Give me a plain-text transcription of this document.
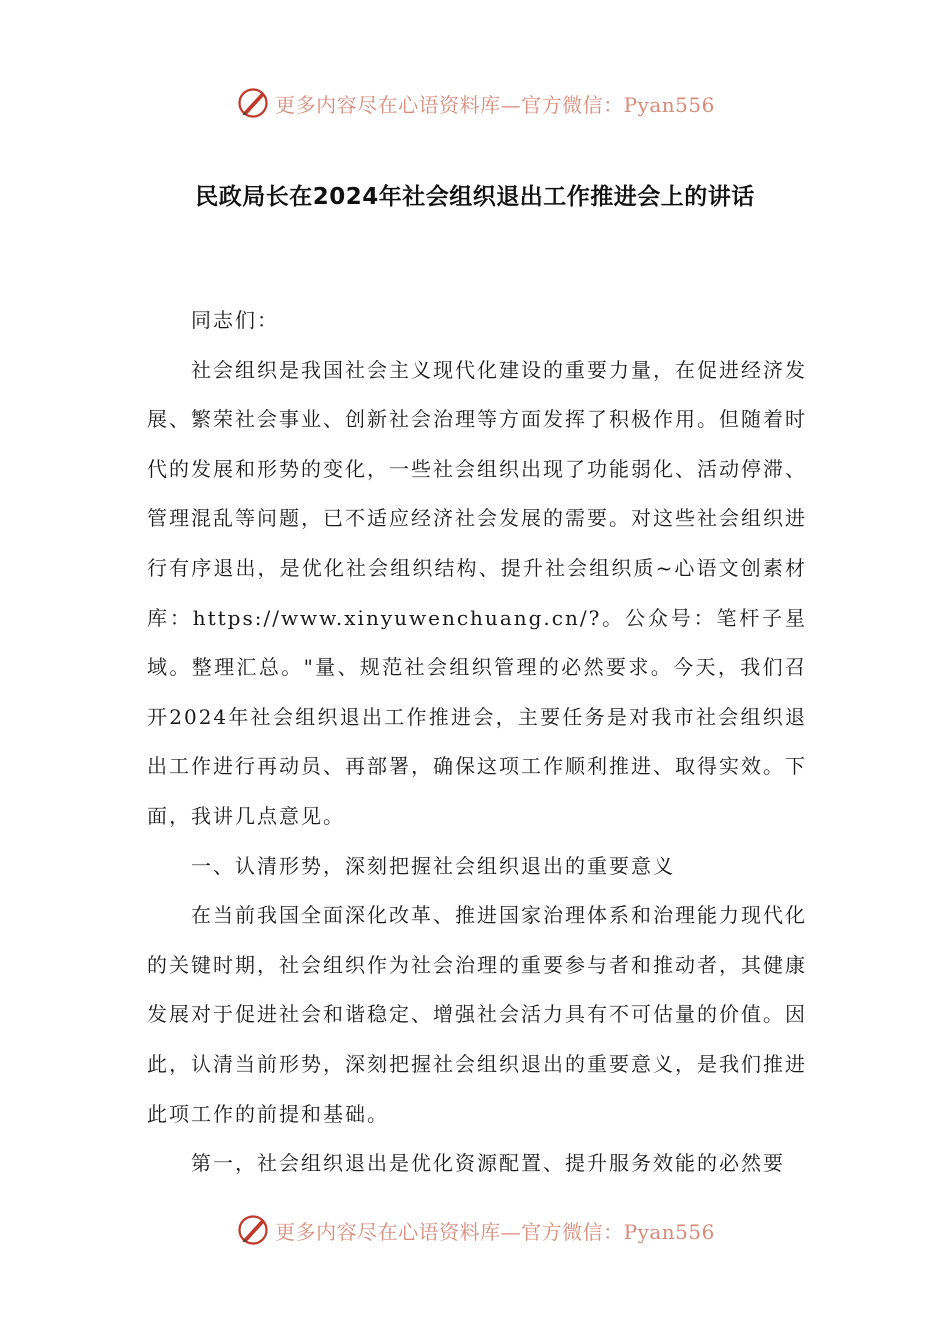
更多内容尽在心语资料库—官方微信：Pyan556
民政局长在2024年社会组织退出工作推进会上的讲话

同志们：

社会组织是我国社会主义现代化建设的重要力量，在促进经济发展、繁荣社会事业、创新社会治理等方面发挥了积极作用。但随着时代的发展和形势的变化，一些社会组织出现了功能弱化、活动停滞、管理混乱等问题，已不适应经济社会发展的需要。对这些社会组织进行有序退出，是优化社会组织结构、提升社会组织质~心语文创素材库：https://www.xinyuwenchuang.cn/?。公众号：笔杆子星域。整理汇总。"量、规范社会组织管理的必然要求。今天，我们召开2024年社会组织退出工作推进会，主要任务是对我市社会组织退出工作进行再动员、再部署，确保这项工作顺利推进、取得实效。下面，我讲几点意见。

一、认清形势，深刻把握社会组织退出的重要意义

在当前我国全面深化改革、推进国家治理体系和治理能力现代化的关键时期，社会组织作为社会治理的重要参与者和推动者，其健康发展对于促进社会和谐稳定、增强社会活力具有不可估量的价值。因此，认清当前形势，深刻把握社会组织退出的重要意义，是我们推进此项工作的前提和基础。

第一，社会组织退出是优化资源配置、提升服务效能的必然要

更多内容尽在心语资料库—官方微信：Pyan556
